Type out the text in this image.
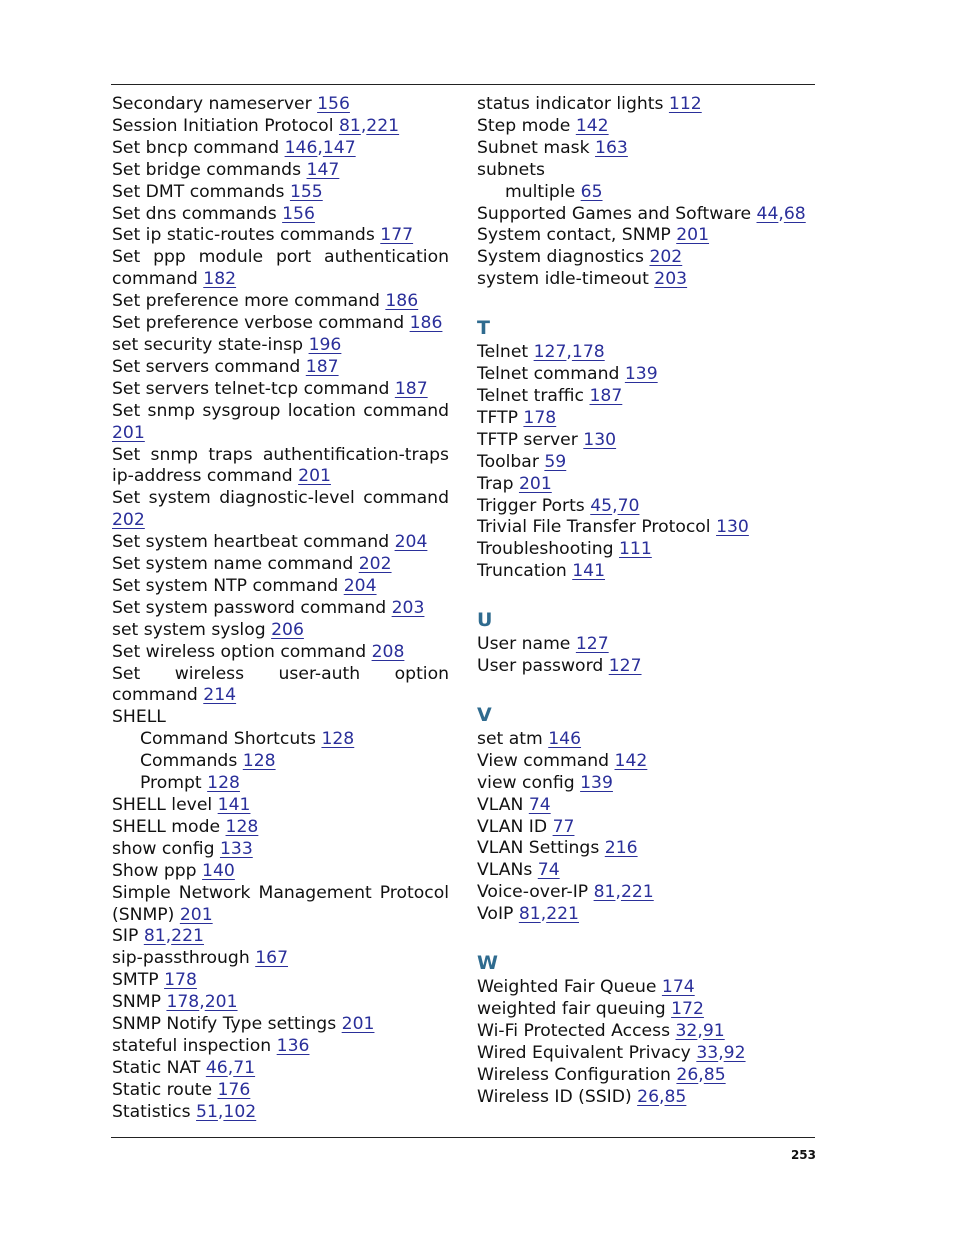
Secondary nameserver 156

Session Initiation Protocol 81,221

Set bncp command 146,147

Set bridge commands 147

Set DMT commands 155

Set dns commands 156

Set ip static-routes commands 177

Set ppp module port authentication command 182

Set preference more command 186

Set preference verbose command 186

set security state-insp 196

Set servers command 187

Set servers telnet-tcp command 187

Set snmp sysgroup location command 201

Set snmp traps authentification-traps ip-address command 201

Set system diagnostic-level command 202

Set system heartbeat command 204

Set system name command 202

Set system NTP command 204

Set system password command 203

set system syslog 206

Set wireless option command 208

Set wireless user-auth option command 214

SHELL

Command Shortcuts 128

Commands 128

Prompt 128

SHELL level 141

SHELL mode 128

show config 133

Show ppp 140

Simple Network Management Protocol (SNMP) 201

SIP 81,221

sip-passthrough 167

SMTP 178

SNMP 178,201

SNMP Notify Type settings 201

stateful inspection 136

Static NAT 46,71

Static route 176

Statistics 51,102

status indicator lights 112

Step mode 142

Subnet mask 163

subnets

multiple 65

Supported Games and Software 44,68

System contact, SNMP 201

System diagnostics 202

system idle-timeout 203

T

Telnet 127,178

Telnet command 139

Telnet traffic 187

TFTP 178

TFTP server 130

Toolbar 59

Trap 201

Trigger Ports 45,70

Trivial File Transfer Protocol 130

Troubleshooting 111

Truncation 141

U

User name 127

User password 127

V

set atm 146

View command 142

view config 139

VLAN 74

VLAN ID 77

VLAN Settings 216

VLANs 74

Voice-over-IP 81,221

VoIP 81,221

W

Weighted Fair Queue 174

weighted fair queuing 172

Wi-Fi Protected Access 32,91

Wired Equivalent Privacy 33,92

Wireless Configuration 26,85

Wireless ID (SSID) 26,85

253
